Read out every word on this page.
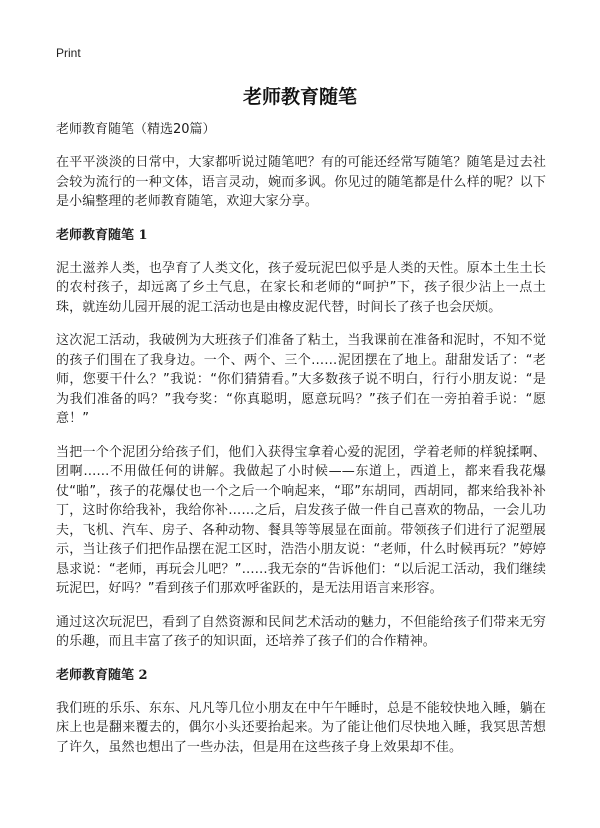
Print
老师教育随笔

老师教育随笔（精选20篇）

在平平淡淡的日常中，大家都听说过随笔吧？有的可能还经常写随笔？随笔是过去社会较为流行的一种文体，语言灵动，婉而多讽。你见过的随笔都是什么样的呢？以下是小编整理的老师教育随笔，欢迎大家分享。

老师教育随笔 1

泥土滋养人类，也孕育了人类文化，孩子爱玩泥巴似乎是人类的天性。原本土生土长的农村孩子，却远离了乡土气息，在家长和老师的“呵护”下，孩子很少沾上一点土珠，就连幼儿园开展的泥工活动也是由橡皮泥代替，时间长了孩子也会厌烦。

这次泥工活动，我破例为大班孩子们准备了粘土，当我课前在准备和泥时，不知不觉的孩子们围在了我身边。一个、两个、三个……泥团摆在了地上。甜甜发话了：“老师，您要干什么？”我说：“你们猜猜看。”大多数孩子说不明白，行行小朋友说：“是为我们准备的吗？”我夸奖：“你真聪明，愿意玩吗？”孩子们在一旁拍着手说：“愿意！”

当把一个个泥团分给孩子们，他们入获得宝拿着心爱的泥团，学着老师的样貌揉啊、团啊……不用做任何的讲解。我做起了小时候——东道上，西道上，都来看我花爆仗“啪”，孩子的花爆仗也一个之后一个响起来，“耶”东胡同，西胡同，都来给我补补丁，这时你给我补，我给你补……之后，启发孩子做一件自己喜欢的物品，一会儿功夫，飞机、汽车、房子、各种动物、餐具等等展显在面前。带领孩子们进行了泥塑展示，当让孩子们把作品摆在泥工区时，浩浩小朋友说：“老师，什么时候再玩？”婷婷恳求说：“老师，再玩会儿吧？”……我无奈的“告诉他们：“以后泥工活动，我们继续玩泥巴，好吗？”看到孩子们那欢呼雀跃的，是无法用语言来形容。

通过这次玩泥巴，看到了自然资源和民间艺术活动的魅力，不但能给孩子们带来无穷的乐趣，而且丰富了孩子的知识面，还培养了孩子们的合作精神。

老师教育随笔 2

我们班的乐乐、东东、凡凡等几位小朋友在中午午睡时，总是不能较快地入睡，躺在床上也是翻来覆去的，偶尔小头还要抬起来。为了能让他们尽快地入睡，我冥思苦想了许久，虽然也想出了一些办法，但是用在这些孩子身上效果却不佳。
